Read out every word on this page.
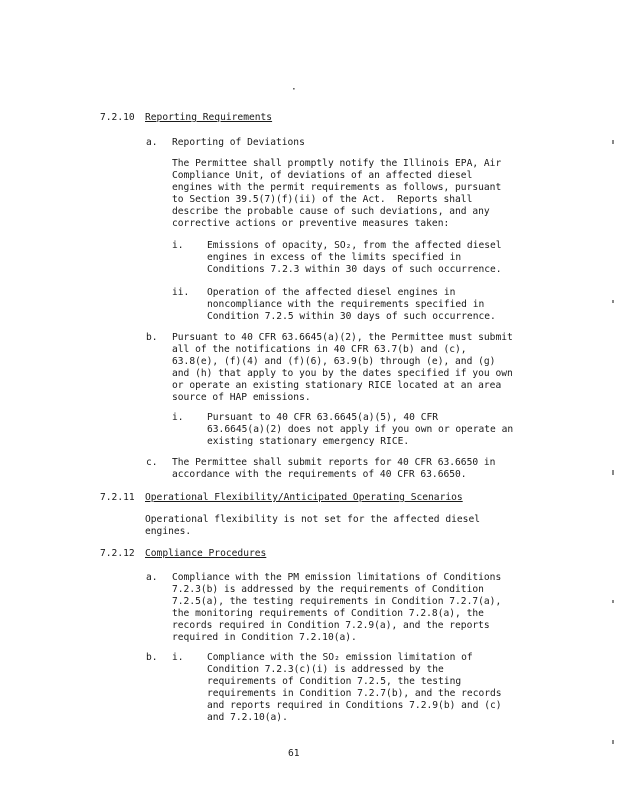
·
7.2.10 Reporting Requirements
a. Reporting of Deviations
The Permittee shall promptly notify the Illinois EPA, Air
Compliance Unit, of deviations of an affected diesel
engines with the permit requirements as follows, pursuant
to Section 39.5(7)(f)(ii) of the Act.  Reports shall
describe the probable cause of such deviations, and any
corrective actions or preventive measures taken:
i. Emissions of opacity, SO₂, from the affected diesel
engines in excess of the limits specified in
Conditions 7.2.3 within 30 days of such occurrence.
ii. Operation of the affected diesel engines in
noncompliance with the requirements specified in
Condition 7.2.5 within 30 days of such occurrence.
b. Pursuant to 40 CFR 63.6645(a)(2), the Permittee must submit
all of the notifications in 40 CFR 63.7(b) and (c),
63.8(e), (f)(4) and (f)(6), 63.9(b) through (e), and (g)
and (h) that apply to you by the dates specified if you own
or operate an existing stationary RICE located at an area
source of HAP emissions.
i. Pursuant to 40 CFR 63.6645(a)(5), 40 CFR
63.6645(a)(2) does not apply if you own or operate an
existing stationary emergency RICE.
c. The Permittee shall submit reports for 40 CFR 63.6650 in
accordance with the requirements of 40 CFR 63.6650.
7.2.11 Operational Flexibility/Anticipated Operating Scenarios
Operational flexibility is not set for the affected diesel
engines.
7.2.12 Compliance Procedures
a. Compliance with the PM emission limitations of Conditions
7.2.3(b) is addressed by the requirements of Condition
7.2.5(a), the testing requirements in Condition 7.2.7(a),
the monitoring requirements of Condition 7.2.8(a), the
records required in Condition 7.2.9(a), and the reports
required in Condition 7.2.10(a).
b. i. Compliance with the SO₂ emission limitation of
Condition 7.2.3(c)(i) is addressed by the
requirements of Condition 7.2.5, the testing
requirements in Condition 7.2.7(b), and the records
and reports required in Conditions 7.2.9(b) and (c)
and 7.2.10(a).
61
